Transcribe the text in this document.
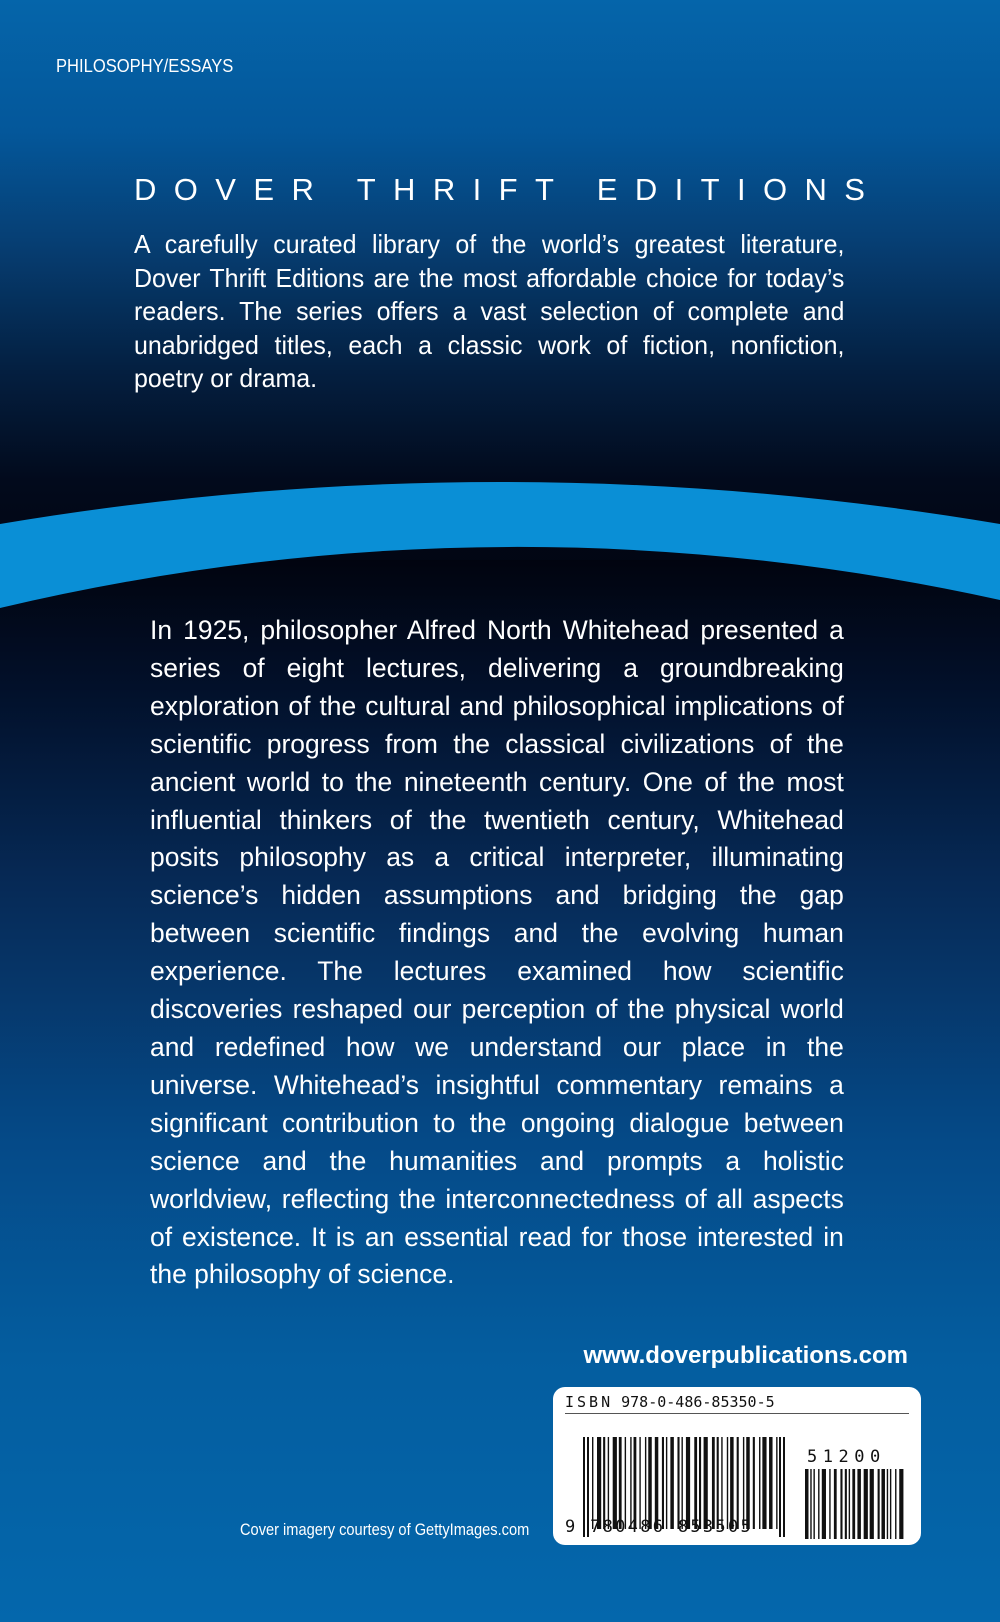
PHILOSOPHY/ESSAYS
DOVER THRIFT EDITIONS
A carefully curated library of the world’s greatest literature, Dover Thrift Editions are the most affordable choice for today’s readers. The series offers a vast selection of complete and unabridged titles, each a classic work of fiction, nonfiction, poetry or drama.
In 1925, philosopher Alfred North Whitehead presented a series of eight lectures, delivering a groundbreaking exploration of the cultural and philosophical implications of scientific progress from the classical civilizations of the ancient world to the nineteenth century. One of the most influential thinkers of the twentieth century, Whitehead posits philosophy as a critical interpreter, illuminating science’s hidden assumptions and bridging the gap between scientific findings and the evolving human experience. The lectures examined how scientific discoveries reshaped our perception of the physical world and redefined how we understand our place in the universe. Whitehead’s insightful commentary remains a significant contribution to the ongoing dialogue between science and the humanities and prompts a holistic worldview, reflecting the interconnectedness of all aspects of existence. It is an essential read for those interested in the philosophy of science.
www.doverpublications.com
Cover imagery courtesy of GettyImages.com
ISBN 978-0-486-85350-5
9 780486 853505
51200
